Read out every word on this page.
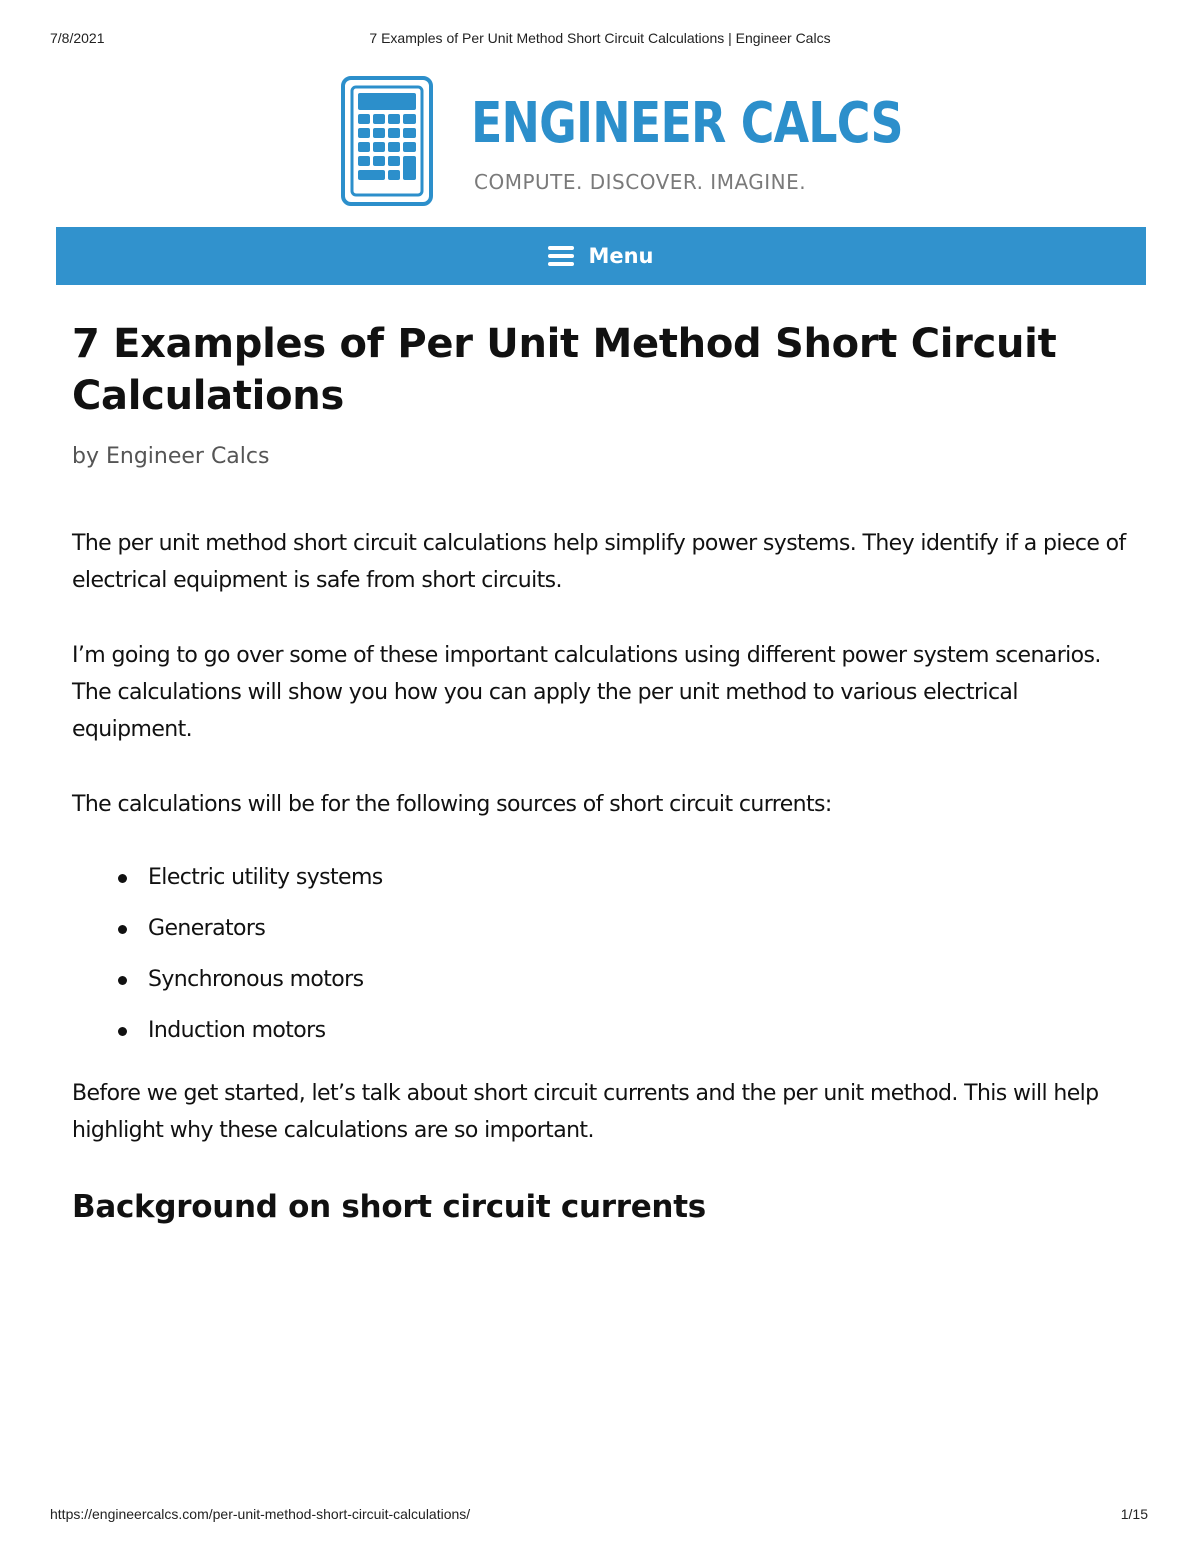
7/8/2021	7 Examples of Per Unit Method Short Circuit Calculations | Engineer Calcs
ENGINEER CALCS
COMPUTE. DISCOVER. IMAGINE.
Menu
7 Examples of Per Unit Method Short Circuit Calculations
by Engineer Calcs

The per unit method short circuit calculations help simplify power systems. They identify if a piece of electrical equipment is safe from short circuits.

I’m going to go over some of these important calculations using different power system scenarios. The calculations will show you how you can apply the per unit method to various electrical equipment.

The calculations will be for the following sources of short circuit currents:

Electric utility systems
Generators
Synchronous motors
Induction motors

Before we get started, let’s talk about short circuit currents and the per unit method. This will help highlight why these calculations are so important.

Background on short circuit currents
https://engineercalcs.com/per-unit-method-short-circuit-calculations/	1/15
